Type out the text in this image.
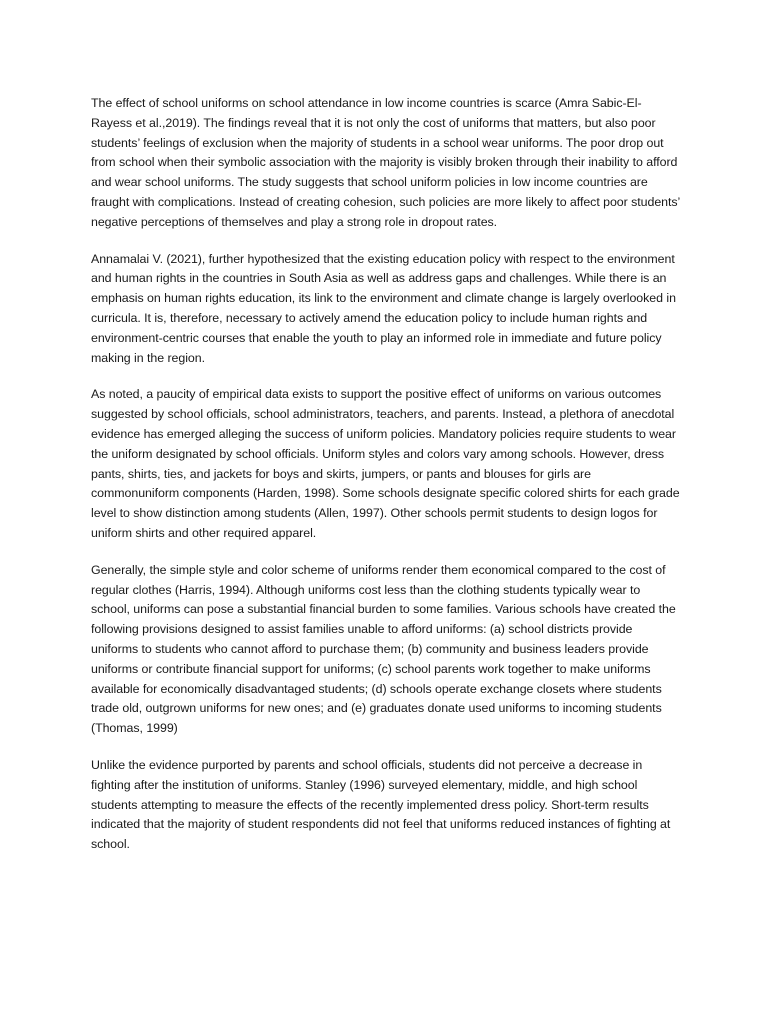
The effect of school uniforms on school attendance in low income countries is scarce (Amra Sabic-El-Rayess et al.,2019). The findings reveal that it is not only the cost of uniforms that matters, but also poor students’ feelings of exclusion when the majority of students in a school wear uniforms. The poor drop out from school when their symbolic association with the majority is visibly broken through their inability to afford and wear school uniforms. The study suggests that school uniform policies in low income countries are fraught with complications. Instead of creating cohesion, such policies are more likely to affect poor students’ negative perceptions of themselves and play a strong role in dropout rates.

Annamalai V. (2021), further hypothesized that the existing education policy with respect to the environment and human rights in the countries in South Asia as well as address gaps and challenges. While there is an emphasis on human rights education, its link to the environment and climate change is largely overlooked in curricula. It is, therefore, necessary to actively amend the education policy to include human rights and environment-centric courses that enable the youth to play an informed role in immediate and future policy making in the region.

As noted, a paucity of empirical data exists to support the positive effect of uniforms on various outcomes suggested by school officials, school administrators, teachers, and parents. Instead, a plethora of anecdotal evidence has emerged alleging the success of uniform policies. Mandatory policies require students to wear the uniform designated by school officials. Uniform styles and colors vary among schools. However, dress pants, shirts, ties, and jackets for boys and skirts, jumpers, or pants and blouses for girls are commonuniform components (Harden, 1998). Some schools designate specific colored shirts for each grade level to show distinction among students (Allen, 1997). Other schools permit students to design logos for uniform shirts and other required apparel.

Generally, the simple style and color scheme of uniforms render them economical compared to the cost of regular clothes (Harris, 1994). Although uniforms cost less than the clothing students typically wear to school, uniforms can pose a substantial financial burden to some families. Various schools have created the following provisions designed to assist families unable to afford uniforms: (a) school districts provide uniforms to students who cannot afford to purchase them; (b) community and business leaders provide uniforms or contribute financial support for uniforms; (c) school parents work together to make uniforms available for economically disadvantaged students; (d) schools operate exchange closets where students trade old, outgrown uniforms for new ones; and (e) graduates donate used uniforms to incoming students (Thomas, 1999)

Unlike the evidence purported by parents and school officials, students did not perceive a decrease in fighting after the institution of uniforms. Stanley (1996) surveyed elementary, middle, and high school students attempting to measure the effects of the recently implemented dress policy. Short-term results indicated that the majority of student respondents did not feel that uniforms reduced instances of fighting at school.
